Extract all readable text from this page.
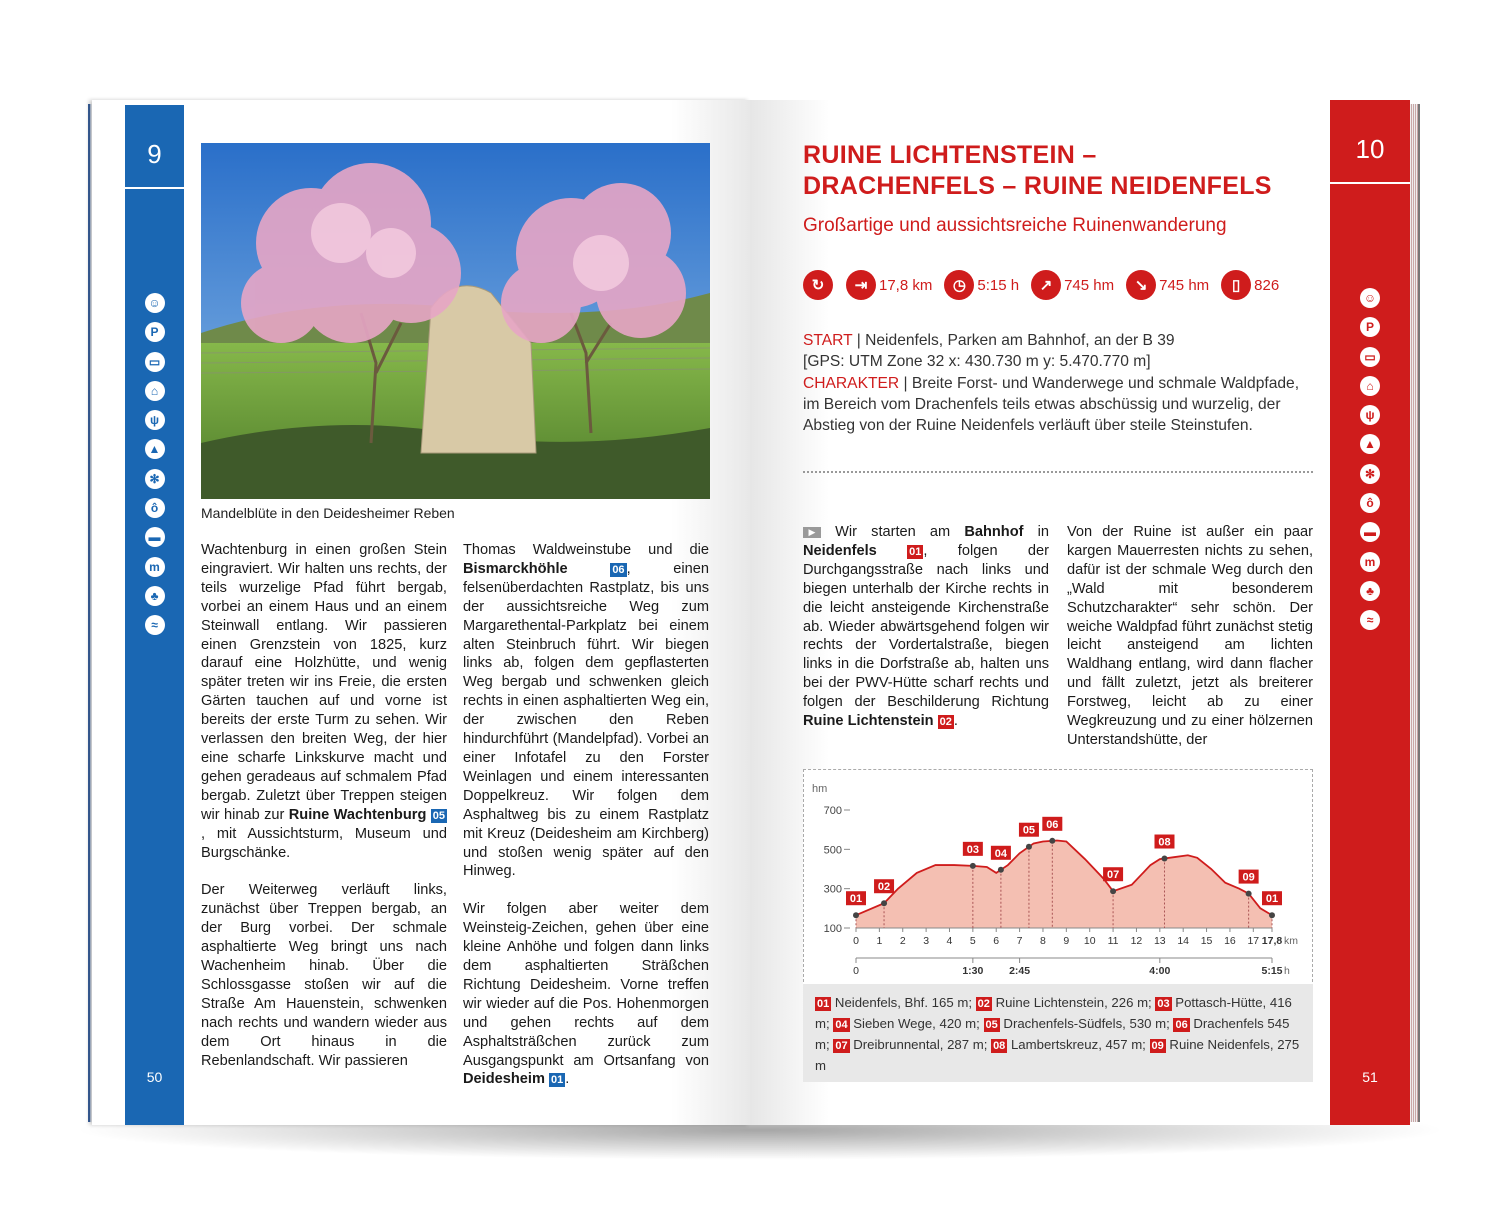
9
☺
P
▭
⌂
ψ
▲
✻
ô
▬
m
♣
≈
50
Mandelblüte in den Deidesheimer Reben

Wachtenburg in einen großen Stein eingraviert. Wir halten uns rechts, der teils wurzelige Pfad führt bergab, vorbei an einem Haus und an einem Steinwall entlang. Wir passieren einen Grenzstein von 1825, kurz darauf eine Holzhütte, und wenig später treten wir ins Freie, die ersten Gärten tauchen auf und vorne ist bereits der erste Turm zu sehen. Wir verlassen den breiten Weg, der hier eine scharfe Linkskurve macht und gehen geradeaus auf schmalem Pfad bergab. Zuletzt über Treppen steigen wir hinab zur Ruine Wachtenburg 05, mit Aussichtsturm, Museum und Burgschänke.

Der Weiterweg verläuft links, zunächst über Treppen bergab, an der Burg vorbei. Der schmale asphaltierte Weg bringt uns nach Wachenheim hinab. Über die Schlossgasse stoßen wir auf die Straße Am Hauenstein, schwenken nach rechts und wandern wieder aus dem Ort hinaus in die Rebenlandschaft. Wir passieren

Thomas Waldweinstube und die Bismarckhöhle	06 , einen felsenüberdachten Rastplatz, bis uns der aussichtsreiche Weg zum Margarethental-Parkplatz bei einem alten Steinbruch führt. Wir biegen links ab, folgen dem gepflasterten Weg bergab und schwenken gleich rechts in einen asphaltierten Weg ein, der zwischen den Reben hindurchführt (Mandelpfad). Vorbei an einer Infotafel zu den Forster Weinlagen und einem interessanten Doppelkreuz. Wir folgen dem Asphaltweg bis zu einem Rastplatz mit Kreuz (Deidesheim am Kirchberg) und stoßen wenig später auf den Hinweg.

Wir folgen aber weiter dem Weinsteig-Zeichen, gehen über eine kleine Anhöhe und folgen dann links dem asphaltierten Sträßchen Richtung Deidesheim. Vorne treffen wir wieder auf die Pos. Hohenmorgen und gehen rechts auf dem Asphaltsträßchen zurück zum Ausgangspunkt am Ortsanfang von Deidesheim 01 .

RUINE LICHTENSTEIN –
DRACHENFELS – RUINE NEIDENFELS
Großartige und aussichtsreiche Ruinenwanderung
↻	⇥ 17,8 km	◷ 5:15 h	↗ 745 hm	↘ 745 hm	▯ 826
START | Neidenfels, Parken am Bahnhof, an der B 39
[GPS: UTM Zone 32 x: 430.730 m y: 5.470.770 m]
CHARAKTER | Breite Forst- und Wanderwege und schmale Waldpfade, im Bereich vom Drachenfels teils etwas abschüssig und wurzelig, der Abstieg von der Ruine Neidenfels verläuft über steile Steinstufen.

▶ Wir starten am Bahnhof in Neidenfels	01 , folgen der Durchgangsstraße nach links und biegen unterhalb der Kirche rechts in die leicht ansteigende Kirchenstraße ab. Wieder abwärtsgehend folgen wir rechts der Vordertalstraße, biegen links in die Dorfstraße ab, halten uns bei der PWV-Hütte scharf rechts und folgen der Beschilderung Richtung Ruine Lichtenstein 02 .

Von der Ruine ist außer ein paar kargen Mauerresten nichts zu sehen, dafür ist der schmale Weg durch den „Wald mit besonderem Schutzcharakter“ sehr schön. Der weiche Waldpfad führt zunächst stetig leicht ansteigend am lichten Waldhang entlang, wird dann flacher und fällt zuletzt, jetzt als breiterer Forstweg, leicht ab zu einer Wegkreuzung und zu einer hölzernen Unterstandshütte, der

hm
100
300
500
700
01
02
03 04
05 06
07
08
09
01
0 1 2 3 4 5 6 7 8 9 10 11 12 13 14 15 16 17 17,8 km
0	1:30 2:45	4:00	5:15 h
01 Neidenfels, Bhf. 165 m; 02 Ruine Lichtenstein, 226 m; 03 Pottasch-Hütte, 416 m; 04 Sieben Wege, 420 m; 05 Drachenfels-Südfels, 530 m; 06 Drachenfels 545 m; 07 Dreibrunnental, 287 m; 08 Lambertskreuz, 457 m; 09 Ruine Neidenfels, 275 m
10
☺
P
▭
⌂
ψ
▲
✻
ô
▬
m
♣
≈
51
